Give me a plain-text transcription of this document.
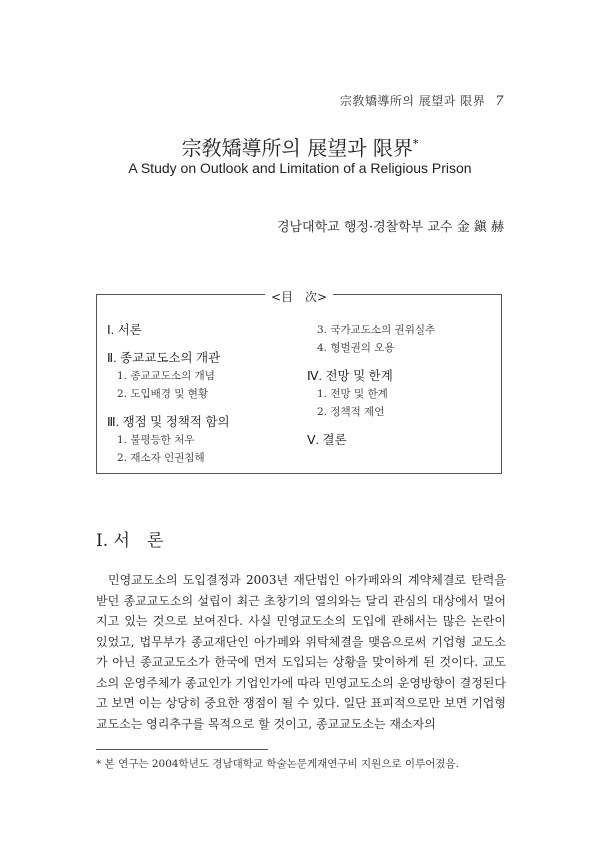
宗敎矯導所의 展望과 限界 7
宗敎矯導所의 展望과 限界*
A Study on Outlook and Limitation of a Religious Prison
경남대학교 행정·경찰학부 교수 金 鎭 赫
<目　次>
Ⅰ. 서론
Ⅱ. 종교교도소의 개관
1. 종교교도소의 개념
2. 도입배경 및 현황
Ⅲ. 쟁점 및 정책적 함의
1. 불평등한 처우
2. 재소자 인권침해
3. 국가교도소의 권위실추
4. 형벌권의 오용
Ⅳ. 전망 및 한계
1. 전망 및 한계
2. 정책적 제언
Ⅴ. 결론
I. 서　론

민영교도소의 도입결정과 2003년 재단법인 아가페와의 계약체결로 탄력을 받던 종교교도소의 설립이 최근 초창기의 열의와는 달리 관심의 대상에서 멀어지고 있는 것으로 보여진다. 사실 민영교도소의 도입에 관해서는 많은 논란이 있었고, 법무부가 종교재단인 아가페와 위탁체결을 맺음으로써 기업형 교도소가 아닌 종교교도소가 한국에 먼저 도입되는 상황을 맞이하게 된 것이다. 교도소의 운영주체가 종교인가 기업인가에 따라 민영교도소의 운영방향이 결정된다고 보면 이는 상당히 중요한 쟁점이 될 수 있다. 일단 표피적으로만 보면 기업형 교도소는 영리추구를 목적으로 할 것이고, 종교교도소는 재소자의

* 본 연구는 2004학년도 경남대학교 학술논문게재연구비 지원으로 이루어졌음.
